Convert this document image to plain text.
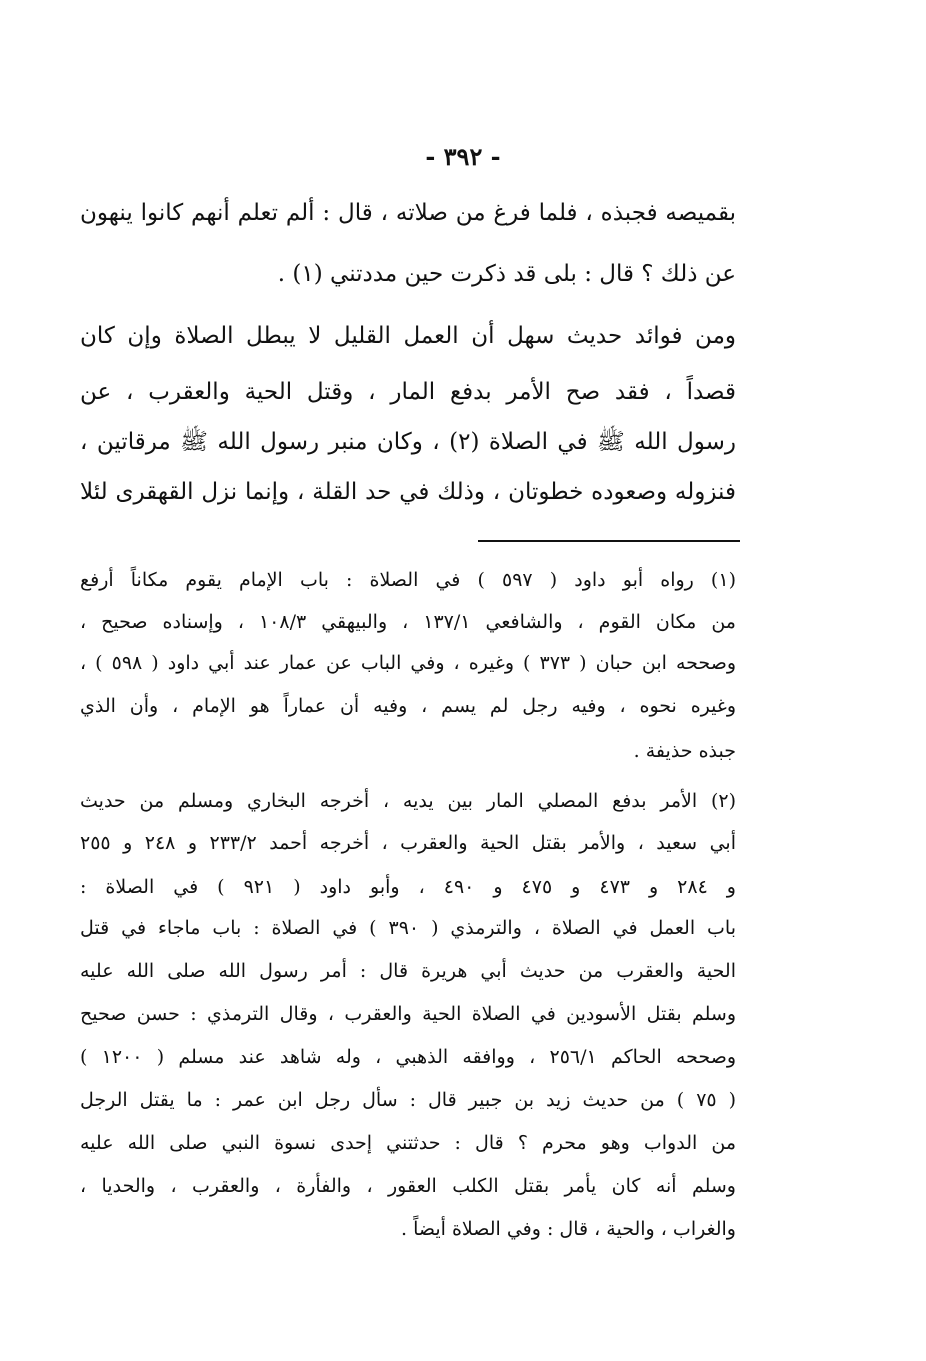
- ٣٩٢ -
بقميصه فجبذه ، فلما فرغ من صلاته ، قال : ألم تعلم أنهم كانوا ينهون
عن ذلك ؟ قال : بلى قد ذكرت حين مددتني (١) .
ومن فوائد حديث سهل أن العمل القليل لا يبطل الصلاة وإن كان
قصداً ، فقد صح الأمر بدفع المار ، وقتل الحية والعقرب ، عن
رسول الله ﷺ في الصلاة (٢) ، وكان منبر رسول الله ﷺ مرقاتين ،
فنزوله وصعوده خطوتان ، وذلك في حد القلة ، وإنما نزل القهقرى لئلا
(١) رواه أبو داود ( ٥٩٧ ) في الصلاة : باب الإمام يقوم مكاناً أرفع
من مكان القوم ، والشافعي ١٣٧/١ ، والبيهقي ١٠٨/٣ ، وإسناده صحيح ،
وصححه ابن حبان ( ٣٧٣ ) وغيره ، وفي الباب عن عمار عند أبي داود ( ٥٩٨ ) ،
وغيره نحوه ، وفيه رجل لم يسم ، وفيه أن عماراً هو الإمام ، وأن الذي
جبذه حذيفة .
(٢) الأمر بدفع المصلي المار بين يديه ، أخرجه البخاري ومسلم من حديث
أبي سعيد ، والأمر بقتل الحية والعقرب ، أخرجه أحمد ٢٣٣/٢ و ٢٤٨ و ٢٥٥
و ٢٨٤ و ٤٧٣ و ٤٧٥ و ٤٩٠ ، وأبو داود ( ٩٢١ ) في الصلاة :
باب العمل في الصلاة ، والترمذي ( ٣٩٠ ) في الصلاة : باب ماجاء في قتل
الحية والعقرب من حديث أبي هريرة قال : أمر رسول الله صلى الله عليه
وسلم بقتل الأسودين في الصلاة الحية والعقرب ، وقال الترمذي : حسن صحيح
وصححه الحاكم ٢٥٦/١ ، ووافقه الذهبي ، وله شاهد عند مسلم ( ١٢٠٠ )
( ٧٥ ) من حديث زيد بن جبير قال : سأل رجل ابن عمر : ما يقتل الرجل
من الدواب وهو محرم ؟ قال : حدثتني إحدى نسوة النبي صلى الله عليه
وسلم أنه كان يأمر بقتل الكلب العقور ، والفأرة ، والعقرب ، والحديا ،
والغراب ، والحية ، قال : وفي الصلاة أيضاً .
